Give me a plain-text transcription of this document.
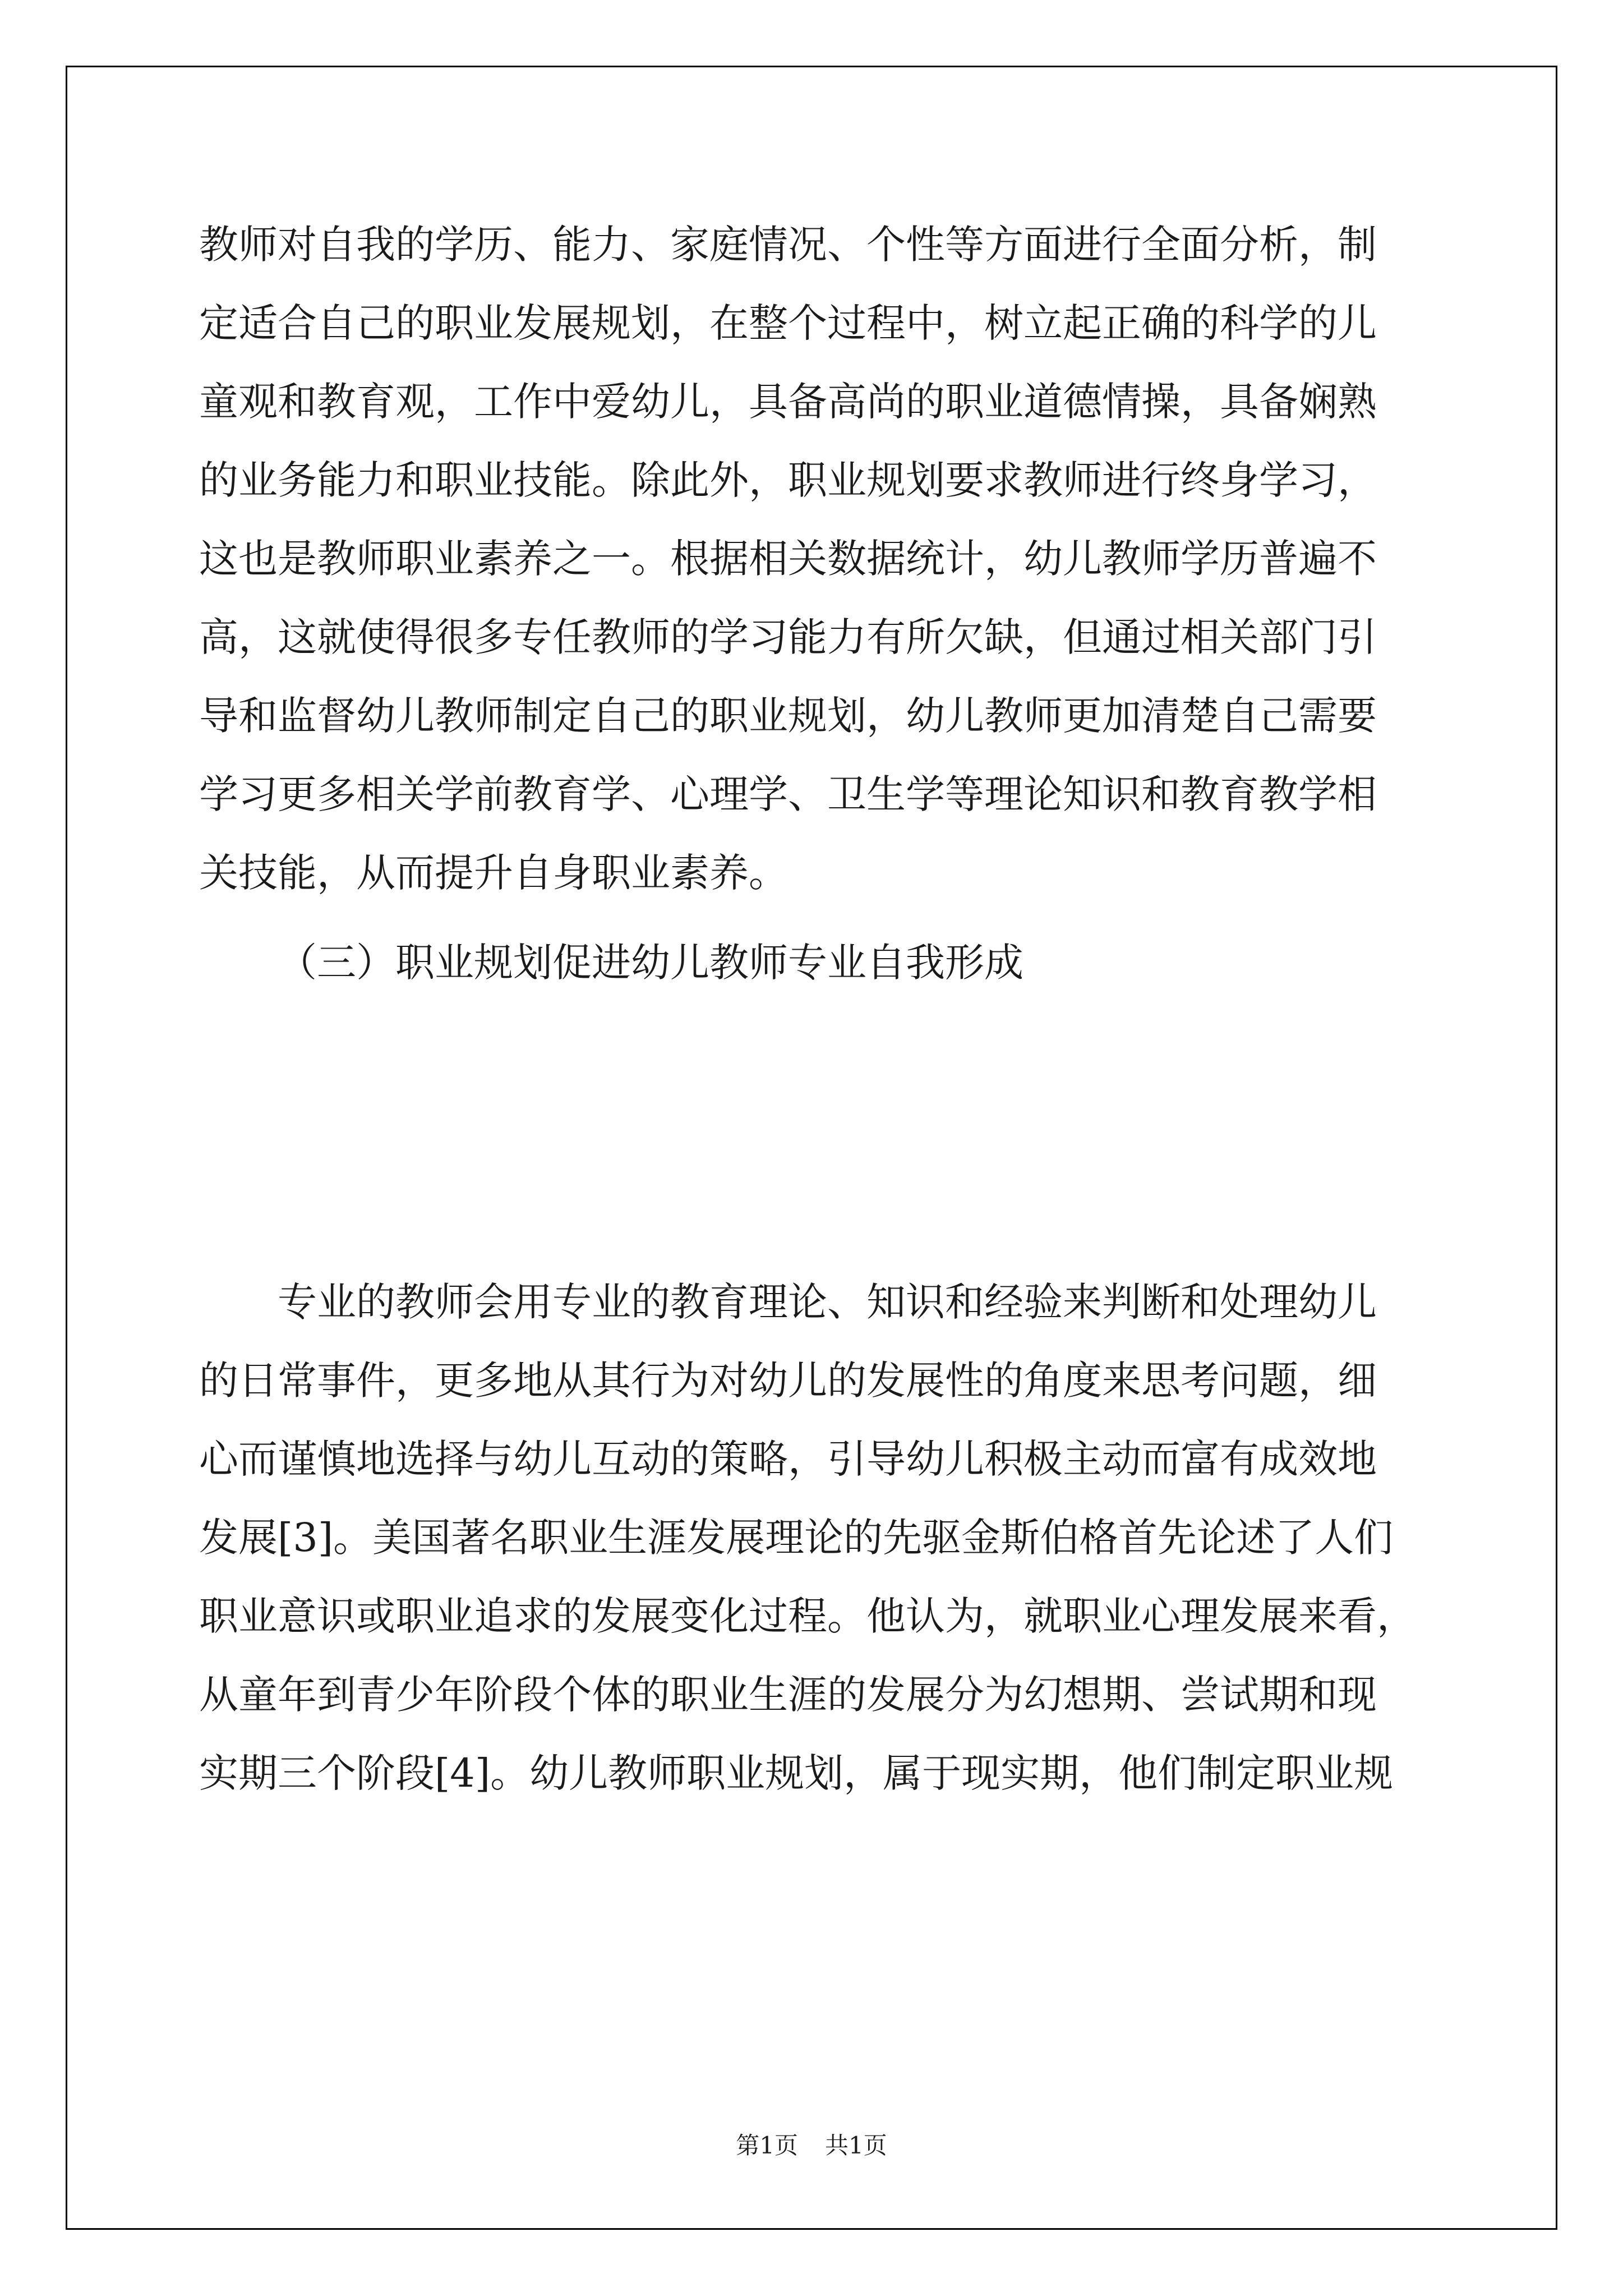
教师对自我的学历、能力、家庭情况、个性等方面进行全面分析，制
定适合自己的职业发展规划，在整个过程中，树立起正确的科学的儿
童观和教育观，工作中爱幼儿，具备高尚的职业道德情操，具备娴熟
的业务能力和职业技能。除此外，职业规划要求教师进行终身学习，
这也是教师职业素养之一。根据相关数据统计，幼儿教师学历普遍不
高，这就使得很多专任教师的学习能力有所欠缺，但通过相关部门引
导和监督幼儿教师制定自己的职业规划，幼儿教师更加清楚自己需要
学习更多相关学前教育学、心理学、卫生学等理论知识和教育教学相
关技能，从而提升自身职业素养。
（三）职业规划促进幼儿教师专业自我形成
专业的教师会用专业的教育理论、知识和经验来判断和处理幼儿
的日常事件，更多地从其行为对幼儿的发展性的角度来思考问题，细
心而谨慎地选择与幼儿互动的策略，引导幼儿积极主动而富有成效地
发展[3]。美国著名职业生涯发展理论的先驱金斯伯格首先论述了人们
职业意识或职业追求的发展变化过程。他认为，就职业心理发展来看，
从童年到青少年阶段个体的职业生涯的发展分为幻想期、尝试期和现
实期三个阶段[4]。幼儿教师职业规划，属于现实期，他们制定职业规
第1页 共1页
